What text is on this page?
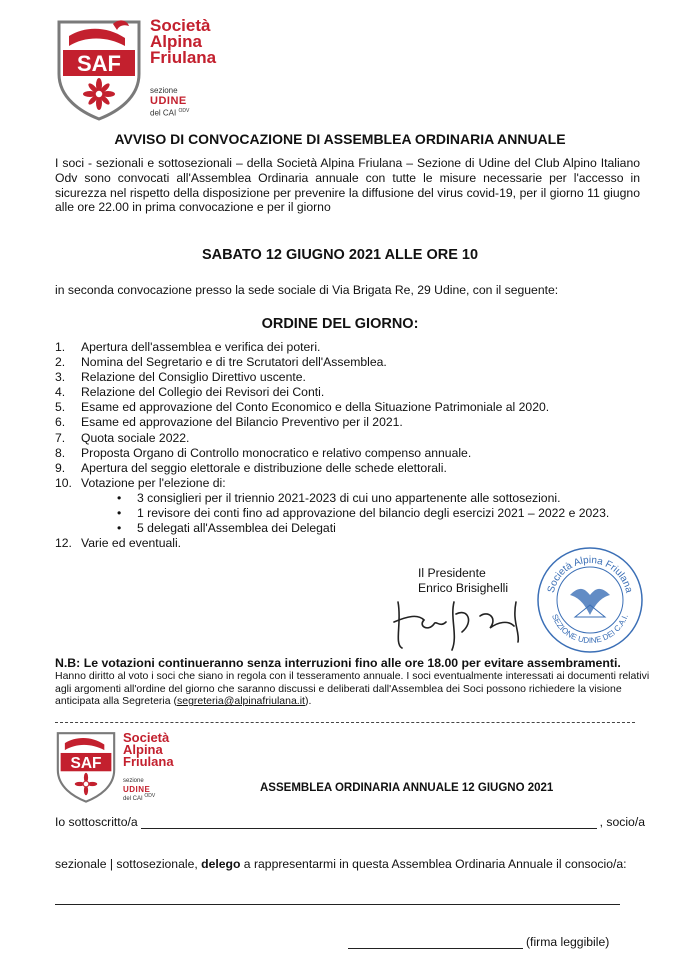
SAF
Società
Alpina
Friulana
sezione
UDINE
del CAI $^{ODV}$
AVVISO DI CONVOCAZIONE DI ASSEMBLEA ORDINARIA ANNUALE
I soci - sezionali e sottosezionali – della Società Alpina Friulana – Sezione di Udine del Club Alpino Italiano Odv sono convocati all'Assemblea Ordinaria annuale con tutte le misure necessarie per l'accesso in sicurezza nel rispetto della disposizione per prevenire la diffusione del virus covid-19, per il giorno 11 giugno alle ore 22.00 in prima convocazione e per il giorno
SABATO 12 GIUGNO 2021 ALLE ORE 10
in seconda convocazione presso la sede sociale di Via Brigata Re, 29 Udine, con il seguente:
ORDINE DEL GIORNO:
1. Apertura dell'assemblea e verifica dei poteri.
2. Nomina del Segretario e di tre Scrutatori dell'Assemblea.
3. Relazione del Consiglio Direttivo uscente.
4. Relazione del Collegio dei Revisori dei Conti.
5. Esame ed approvazione del Conto Economico e della Situazione Patrimoniale al 2020.
6. Esame ed approvazione del Bilancio Preventivo per il 2021.
7. Quota sociale 2022.
8. Proposta Organo di Controllo monocratico e relativo compenso annuale.
9. Apertura del seggio elettorale e distribuzione delle schede elettorali.
10. Votazione per l'elezione di:
• 3 consiglieri per il triennio 2021-2023 di cui uno appartenente alle sottosezioni.
• 1 revisore dei conti fino ad approvazione del bilancio degli esercizi 2021 – 2022 e 2023.
• 5 delegati all'Assemblea dei Delegati
12. Varie ed eventuali.
Il Presidente
Enrico Brisighelli	Società Alpina Friulana
SEZIONE UDINE DEI C.A.I.
N.B: Le votazioni continueranno senza interruzioni fino alle ore 18.00 per evitare assembramenti.
Hanno diritto al voto i soci che siano in regola con il tesseramento annuale. I soci eventualmente interessati ai documenti relativi agli argomenti all'ordine del giorno che saranno discussi e deliberati dall'Assemblea dei Soci possono richiedere la visione anticipata alla Segreteria (segreteria@alpinafriulana.it).
SAF
Società
Alpina
Friulana
sezione
UDINE
del CAI $^{ODV}$
ASSEMBLEA ORDINARIA ANNUALE 12 GIUGNO 2021
Io sottoscritto/a	, socio/a
sezionale | sottosezionale, delego a rappresentarmi in questa Assemblea Ordinaria Annuale il consocio/a:
(firma leggibile)
